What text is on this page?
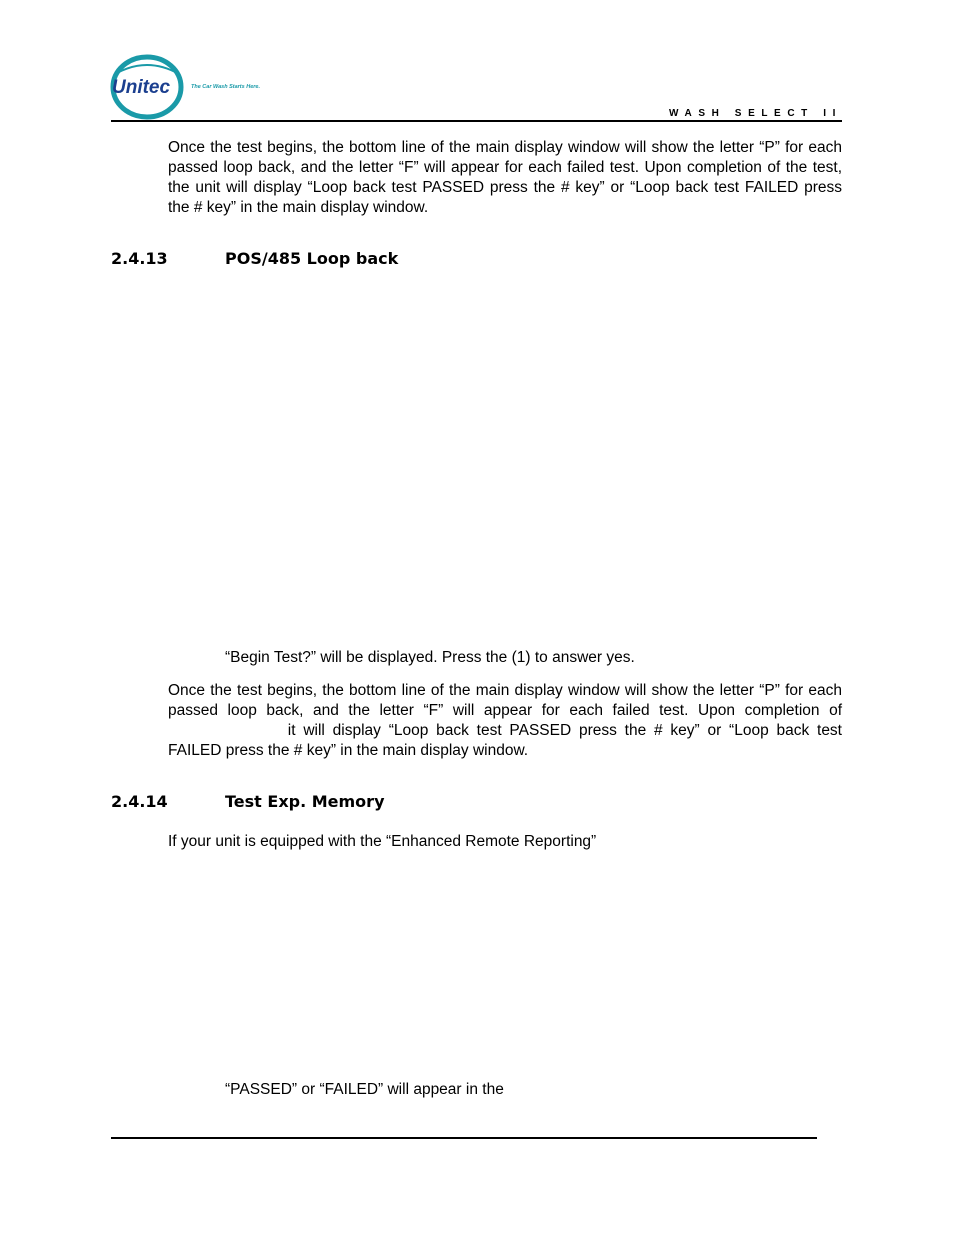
Unitec	The Car Wash Starts Here.
WASH SELECT II

Once the test begins, the bottom line of the main display window will show the letter “P” for each passed loop back, and the letter “F” will appear for each failed test. Upon completion of the test, the unit will display “Loop back test PASSED press the # key” or “Loop back test FAILED press the # key” in the main display window.

2.4.13	POS/485 Loop back
“Begin Test?” will be displayed. Press the (1) to answer yes.

Once the test begins, the bottom line of the main display window will show the letter “P” for each passed loop back, and the letter “F” will appear for each failed test. Upon completion of  it will display “Loop back test PASSED press the # key” or “Loop back test FAILED press the # key” in the main display window.

2.4.14	Test Exp. Memory
If your unit is equipped with the “Enhanced Remote Reporting”
“PASSED” or “FAILED” will appear in the
